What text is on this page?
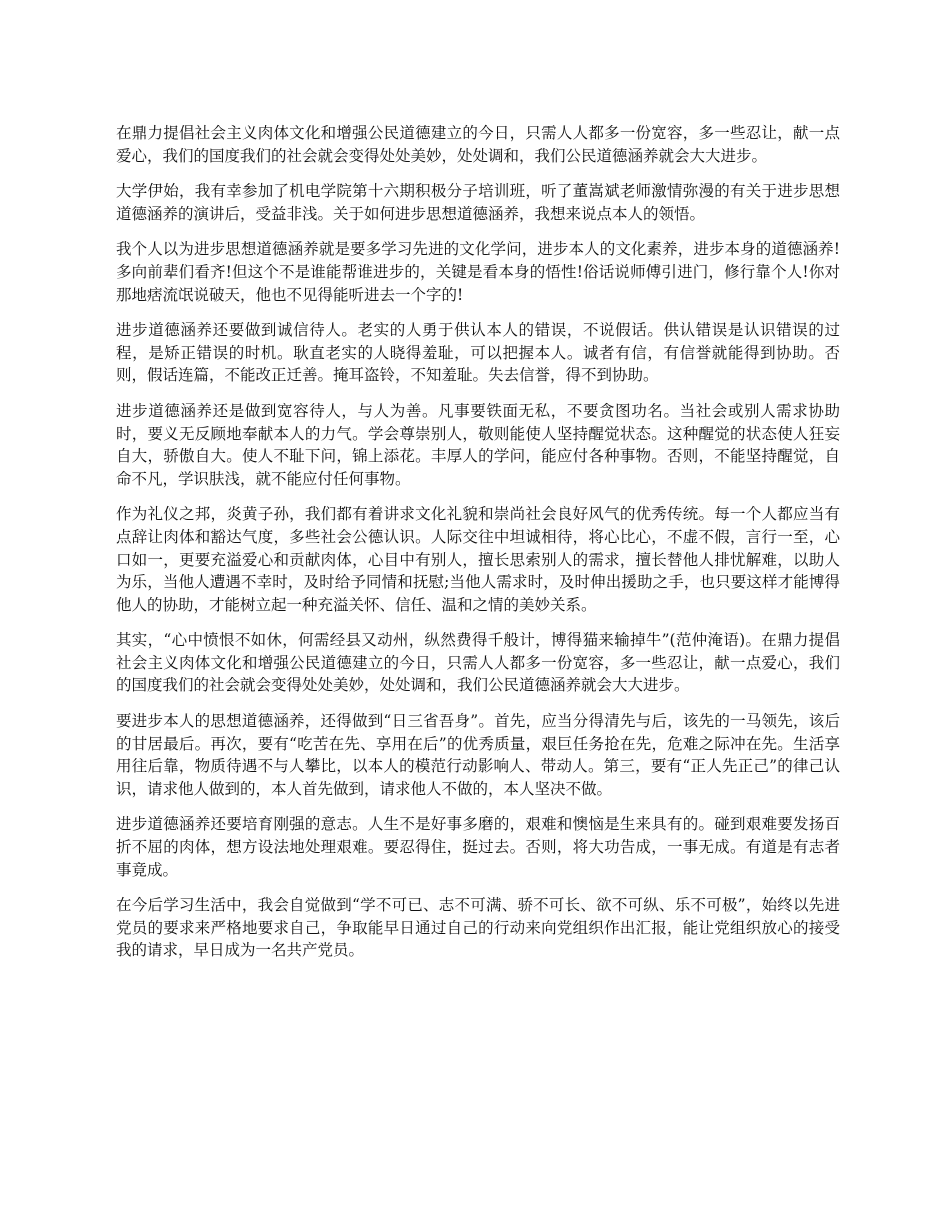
在鼎力提倡社会主义肉体文化和增强公民道德建立的今日，只需人人都多一份宽容，多一些忍让，献一点爱心，我们的国度我们的社会就会变得处处美妙，处处调和，我们公民道德涵养就会大大进步。

大学伊始，我有幸参加了机电学院第十六期积极分子培训班，听了董嵩斌老师激情弥漫的有关于进步思想道德涵养的演讲后，受益非浅。关于如何进步思想道德涵养，我想来说点本人的领悟。

我个人以为进步思想道德涵养就是要多学习先进的文化学问，进步本人的文化素养，进步本身的道德涵养!多向前辈们看齐!但这个不是谁能帮谁进步的，关键是看本身的悟性!俗话说师傅引进门，修行靠个人!你对那地痞流氓说破天，他也不见得能听进去一个字的!

进步道德涵养还要做到诚信待人。老实的人勇于供认本人的错误，不说假话。供认错误是认识错误的过程，是矫正错误的时机。耿直老实的人晓得羞耻，可以把握本人。诚者有信，有信誉就能得到协助。否则，假话连篇，不能改正迁善。掩耳盗铃，不知羞耻。失去信誉，得不到协助。

进步道德涵养还是做到宽容待人，与人为善。凡事要铁面无私，不要贪图功名。当社会或别人需求协助时，要义无反顾地奉献本人的力气。学会尊崇别人，敬则能使人坚持醒觉状态。这种醒觉的状态使人狂妄自大，骄傲自大。使人不耻下问，锦上添花。丰厚人的学问，能应付各种事物。否则，不能坚持醒觉，自命不凡，学识肤浅，就不能应付任何事物。

作为礼仪之邦，炎黄子孙，我们都有着讲求文化礼貌和崇尚社会良好风气的优秀传统。每一个人都应当有点辞让肉体和豁达气度，多些社会公德认识。人际交往中坦诚相待，将心比心，不虚不假，言行一至，心口如一，更要充溢爱心和贡献肉体，心目中有别人，擅长思索别人的需求，擅长替他人排忧解难，以助人为乐，当他人遭遇不幸时，及时给予同情和抚慰;当他人需求时，及时伸出援助之手，也只要这样才能博得他人的协助，才能树立起一种充溢关怀、信任、温和之情的美妙关系。

其实，“心中愤恨不如休，何需经县又动州，纵然费得千般计，博得猫来输掉牛”(范仲淹语)。在鼎力提倡社会主义肉体文化和增强公民道德建立的今日，只需人人都多一份宽容，多一些忍让，献一点爱心，我们的国度我们的社会就会变得处处美妙，处处调和，我们公民道德涵养就会大大进步。

要进步本人的思想道德涵养，还得做到“日三省吾身”。首先，应当分得清先与后，该先的一马领先，该后的甘居最后。再次，要有“吃苦在先、享用在后”的优秀质量，艰巨任务抢在先，危难之际冲在先。生活享用往后靠，物质待遇不与人攀比，以本人的模范行动影响人、带动人。第三，要有“正人先正己”的律己认识，请求他人做到的，本人首先做到，请求他人不做的，本人坚决不做。

进步道德涵养还要培育刚强的意志。人生不是好事多磨的，艰难和懊恼是生来具有的。碰到艰难要发扬百折不屈的肉体，想方设法地处理艰难。要忍得住，挺过去。否则，将大功告成，一事无成。有道是有志者事竟成。

在今后学习生活中，我会自觉做到“学不可已、志不可满、骄不可长、欲不可纵、乐不可极”，始终以先进党员的要求来严格地要求自己，争取能早日通过自己的行动来向党组织作出汇报，能让党组织放心的接受我的请求，早日成为一名共产党员。
